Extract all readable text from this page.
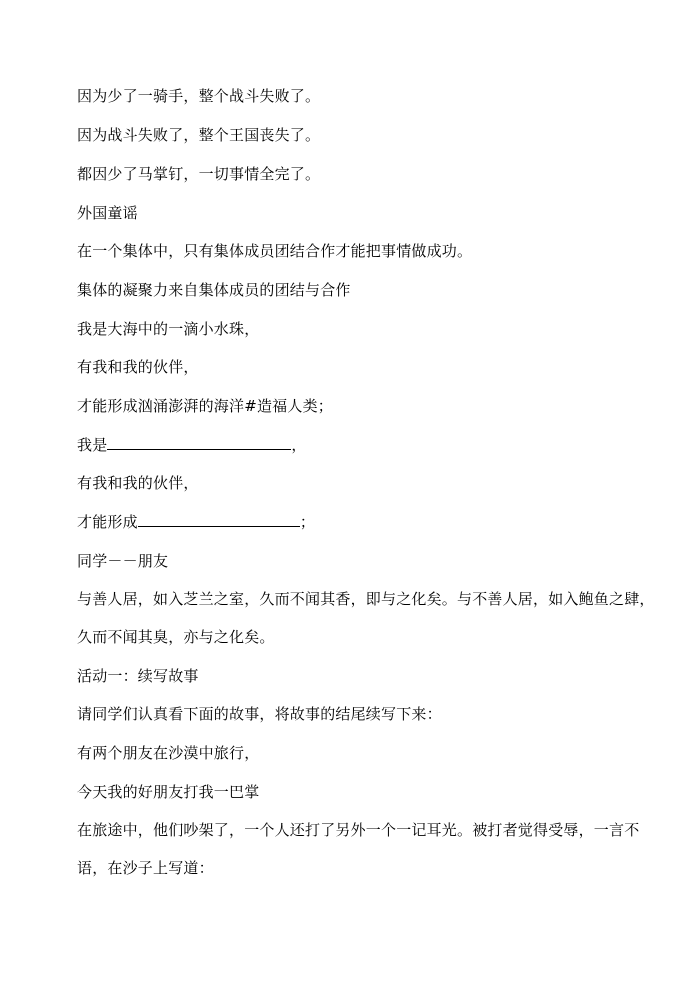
因为少了一骑手，整个战斗失败了。
因为战斗失败了，整个王国丧失了。
都因少了马掌钉，一切事情全完了。
外国童谣
在一个集体中，只有集体成员团结合作才能把事情做成功。
集体的凝聚力来自集体成员的团结与合作
我是大海中的一滴小水珠，
有我和我的伙伴，
才能形成汹涌澎湃的海洋#造福人类；
我是	，
有我和我的伙伴，
才能形成	；
同学－－朋友
与善人居，如入芝兰之室，久而不闻其香，即与之化矣。与不善人居，如入鲍鱼之肆，
久而不闻其臭，亦与之化矣。
活动一：续写故事
请同学们认真看下面的故事，将故事的结尾续写下来：
有两个朋友在沙漠中旅行，
今天我的好朋友打我一巴掌
在旅途中，他们吵架了，一个人还打了另外一个一记耳光。被打者觉得受辱，一言不
语，在沙子上写道：
